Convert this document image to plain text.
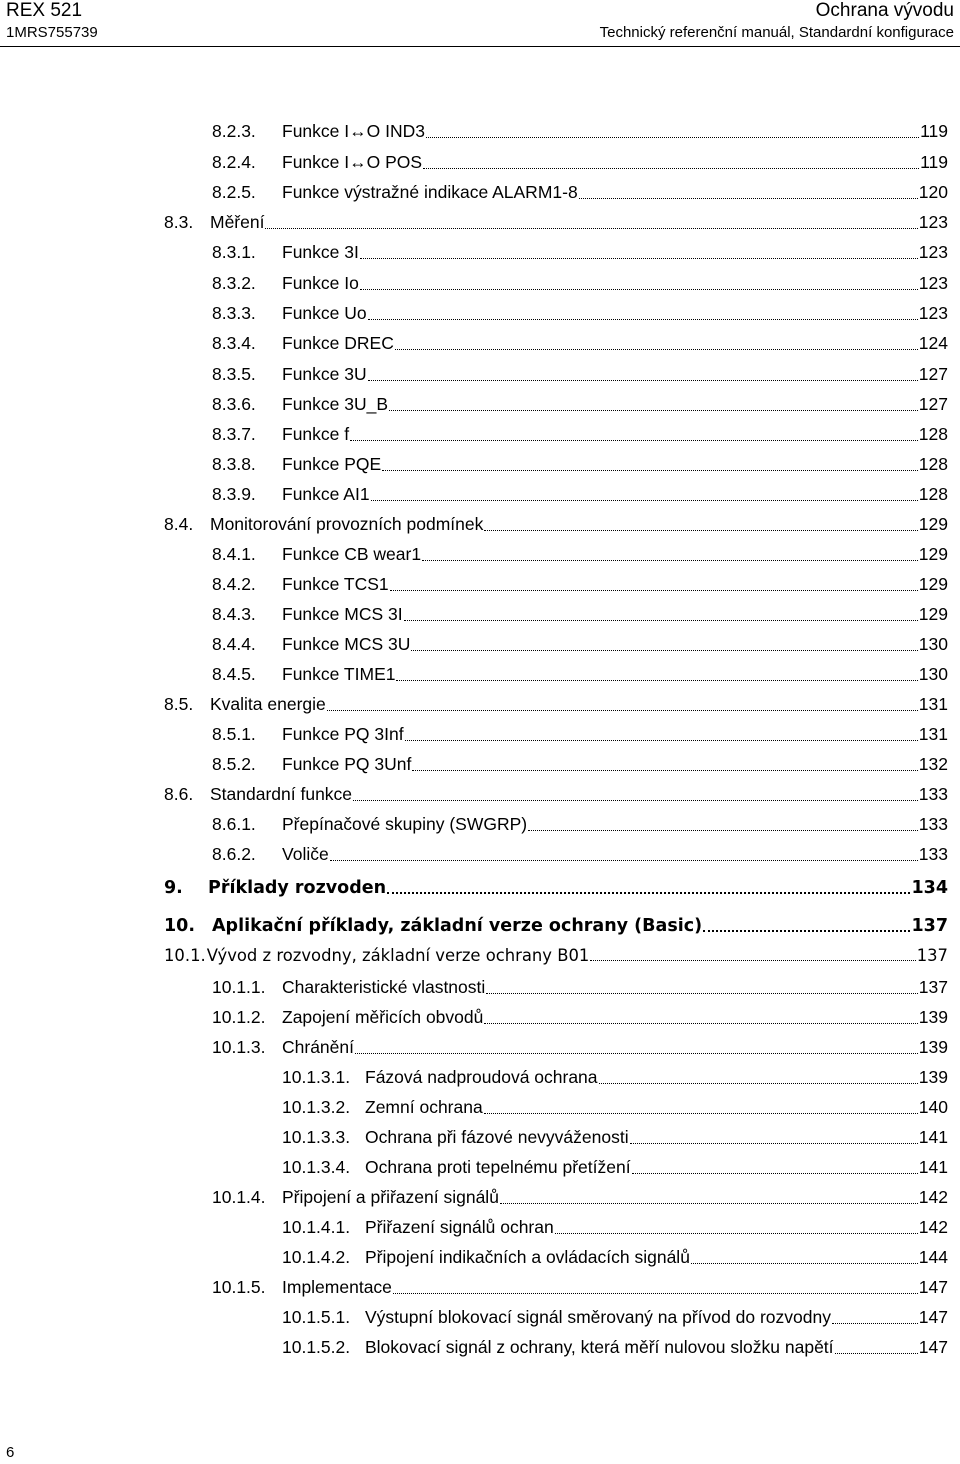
REX 521
1MRS755739
Ochrana vývodu
Technický referenční manuál, Standardní konfigurace
8.2.3.	Funkce I↔O IND3	119
8.2.4.	Funkce I↔O POS	119
8.2.5.	Funkce výstražné indikace ALARM1-8	120
8.3. Měření	123
8.3.1.	Funkce 3I	123
8.3.2.	Funkce Io	123
8.3.3.	Funkce Uo	123
8.3.4.	Funkce DREC	124
8.3.5.	Funkce 3U	127
8.3.6.	Funkce 3U_B	127
8.3.7.	Funkce f	128
8.3.8.	Funkce PQE	128
8.3.9.	Funkce AI1	128
8.4. Monitorování provozních podmínek	129
8.4.1.	Funkce CB wear1	129
8.4.2.	Funkce TCS1	129
8.4.3.	Funkce MCS 3I	129
8.4.4.	Funkce MCS 3U	130
8.4.5.	Funkce TIME1	130
8.5. Kvalita energie	131
8.5.1.	Funkce PQ 3Inf	131
8.5.2.	Funkce PQ 3Unf	132
8.6. Standardní funkce	133
8.6.1.	Přepínačové skupiny (SWGRP)	133
8.6.2.	Voliče	133
9.	Příklady rozvoden	134
10. Aplikační příklady, základní verze ochrany (Basic)	137
10.1. Vývod z rozvodny, základní verze ochrany B01	137
10.1.1. Charakteristické vlastnosti	137
10.1.2. Zapojení měřicích obvodů	139
10.1.3. Chránění	139
10.1.3.1. Fázová nadproudová ochrana	139
10.1.3.2. Zemní ochrana	140
10.1.3.3. Ochrana při fázové nevyváženosti	141
10.1.3.4. Ochrana proti tepelnému přetížení	141
10.1.4. Připojení a přiřazení signálů	142
10.1.4.1. Přiřazení signálů ochran	142
10.1.4.2. Připojení indikačních a ovládacích signálů	144
10.1.5. Implementace	147
10.1.5.1. Výstupní blokovací signál směrovaný na přívod do rozvodny	147
10.1.5.2. Blokovací signál z ochrany, která měří nulovou složku napětí	147
6
